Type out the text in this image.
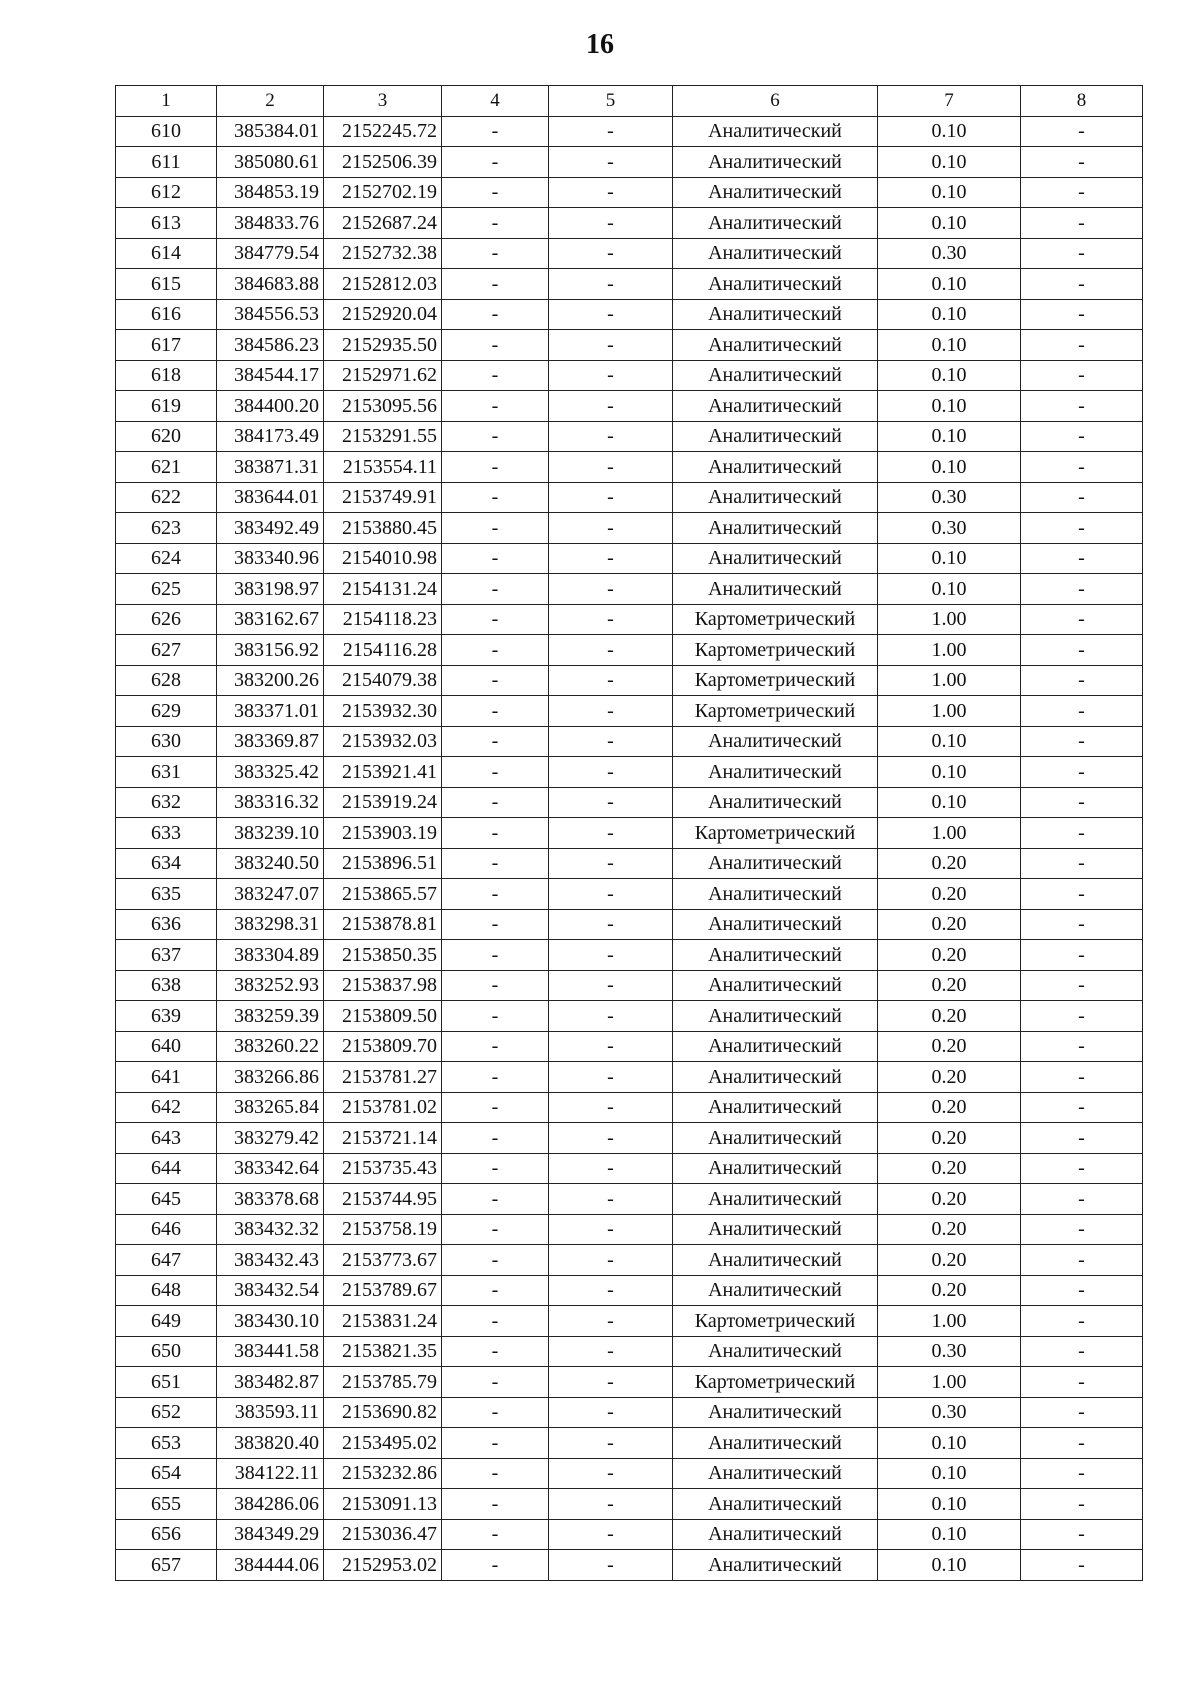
16
1	2	3	4	5	6	7	8
610	385384.01	2152245.72	-	-	Аналитический	0.10	-
611	385080.61	2152506.39	-	-	Аналитический	0.10	-
612	384853.19	2152702.19	-	-	Аналитический	0.10	-
613	384833.76	2152687.24	-	-	Аналитический	0.10	-
614	384779.54	2152732.38	-	-	Аналитический	0.30	-
615	384683.88	2152812.03	-	-	Аналитический	0.10	-
616	384556.53	2152920.04	-	-	Аналитический	0.10	-
617	384586.23	2152935.50	-	-	Аналитический	0.10	-
618	384544.17	2152971.62	-	-	Аналитический	0.10	-
619	384400.20	2153095.56	-	-	Аналитический	0.10	-
620	384173.49	2153291.55	-	-	Аналитический	0.10	-
621	383871.31	2153554.11	-	-	Аналитический	0.10	-
622	383644.01	2153749.91	-	-	Аналитический	0.30	-
623	383492.49	2153880.45	-	-	Аналитический	0.30	-
624	383340.96	2154010.98	-	-	Аналитический	0.10	-
625	383198.97	2154131.24	-	-	Аналитический	0.10	-
626	383162.67	2154118.23	-	-	Картометрический	1.00	-
627	383156.92	2154116.28	-	-	Картометрический	1.00	-
628	383200.26	2154079.38	-	-	Картометрический	1.00	-
629	383371.01	2153932.30	-	-	Картометрический	1.00	-
630	383369.87	2153932.03	-	-	Аналитический	0.10	-
631	383325.42	2153921.41	-	-	Аналитический	0.10	-
632	383316.32	2153919.24	-	-	Аналитический	0.10	-
633	383239.10	2153903.19	-	-	Картометрический	1.00	-
634	383240.50	2153896.51	-	-	Аналитический	0.20	-
635	383247.07	2153865.57	-	-	Аналитический	0.20	-
636	383298.31	2153878.81	-	-	Аналитический	0.20	-
637	383304.89	2153850.35	-	-	Аналитический	0.20	-
638	383252.93	2153837.98	-	-	Аналитический	0.20	-
639	383259.39	2153809.50	-	-	Аналитический	0.20	-
640	383260.22	2153809.70	-	-	Аналитический	0.20	-
641	383266.86	2153781.27	-	-	Аналитический	0.20	-
642	383265.84	2153781.02	-	-	Аналитический	0.20	-
643	383279.42	2153721.14	-	-	Аналитический	0.20	-
644	383342.64	2153735.43	-	-	Аналитический	0.20	-
645	383378.68	2153744.95	-	-	Аналитический	0.20	-
646	383432.32	2153758.19	-	-	Аналитический	0.20	-
647	383432.43	2153773.67	-	-	Аналитический	0.20	-
648	383432.54	2153789.67	-	-	Аналитический	0.20	-
649	383430.10	2153831.24	-	-	Картометрический	1.00	-
650	383441.58	2153821.35	-	-	Аналитический	0.30	-
651	383482.87	2153785.79	-	-	Картометрический	1.00	-
652	383593.11	2153690.82	-	-	Аналитический	0.30	-
653	383820.40	2153495.02	-	-	Аналитический	0.10	-
654	384122.11	2153232.86	-	-	Аналитический	0.10	-
655	384286.06	2153091.13	-	-	Аналитический	0.10	-
656	384349.29	2153036.47	-	-	Аналитический	0.10	-
657	384444.06	2152953.02	-	-	Аналитический	0.10	-
